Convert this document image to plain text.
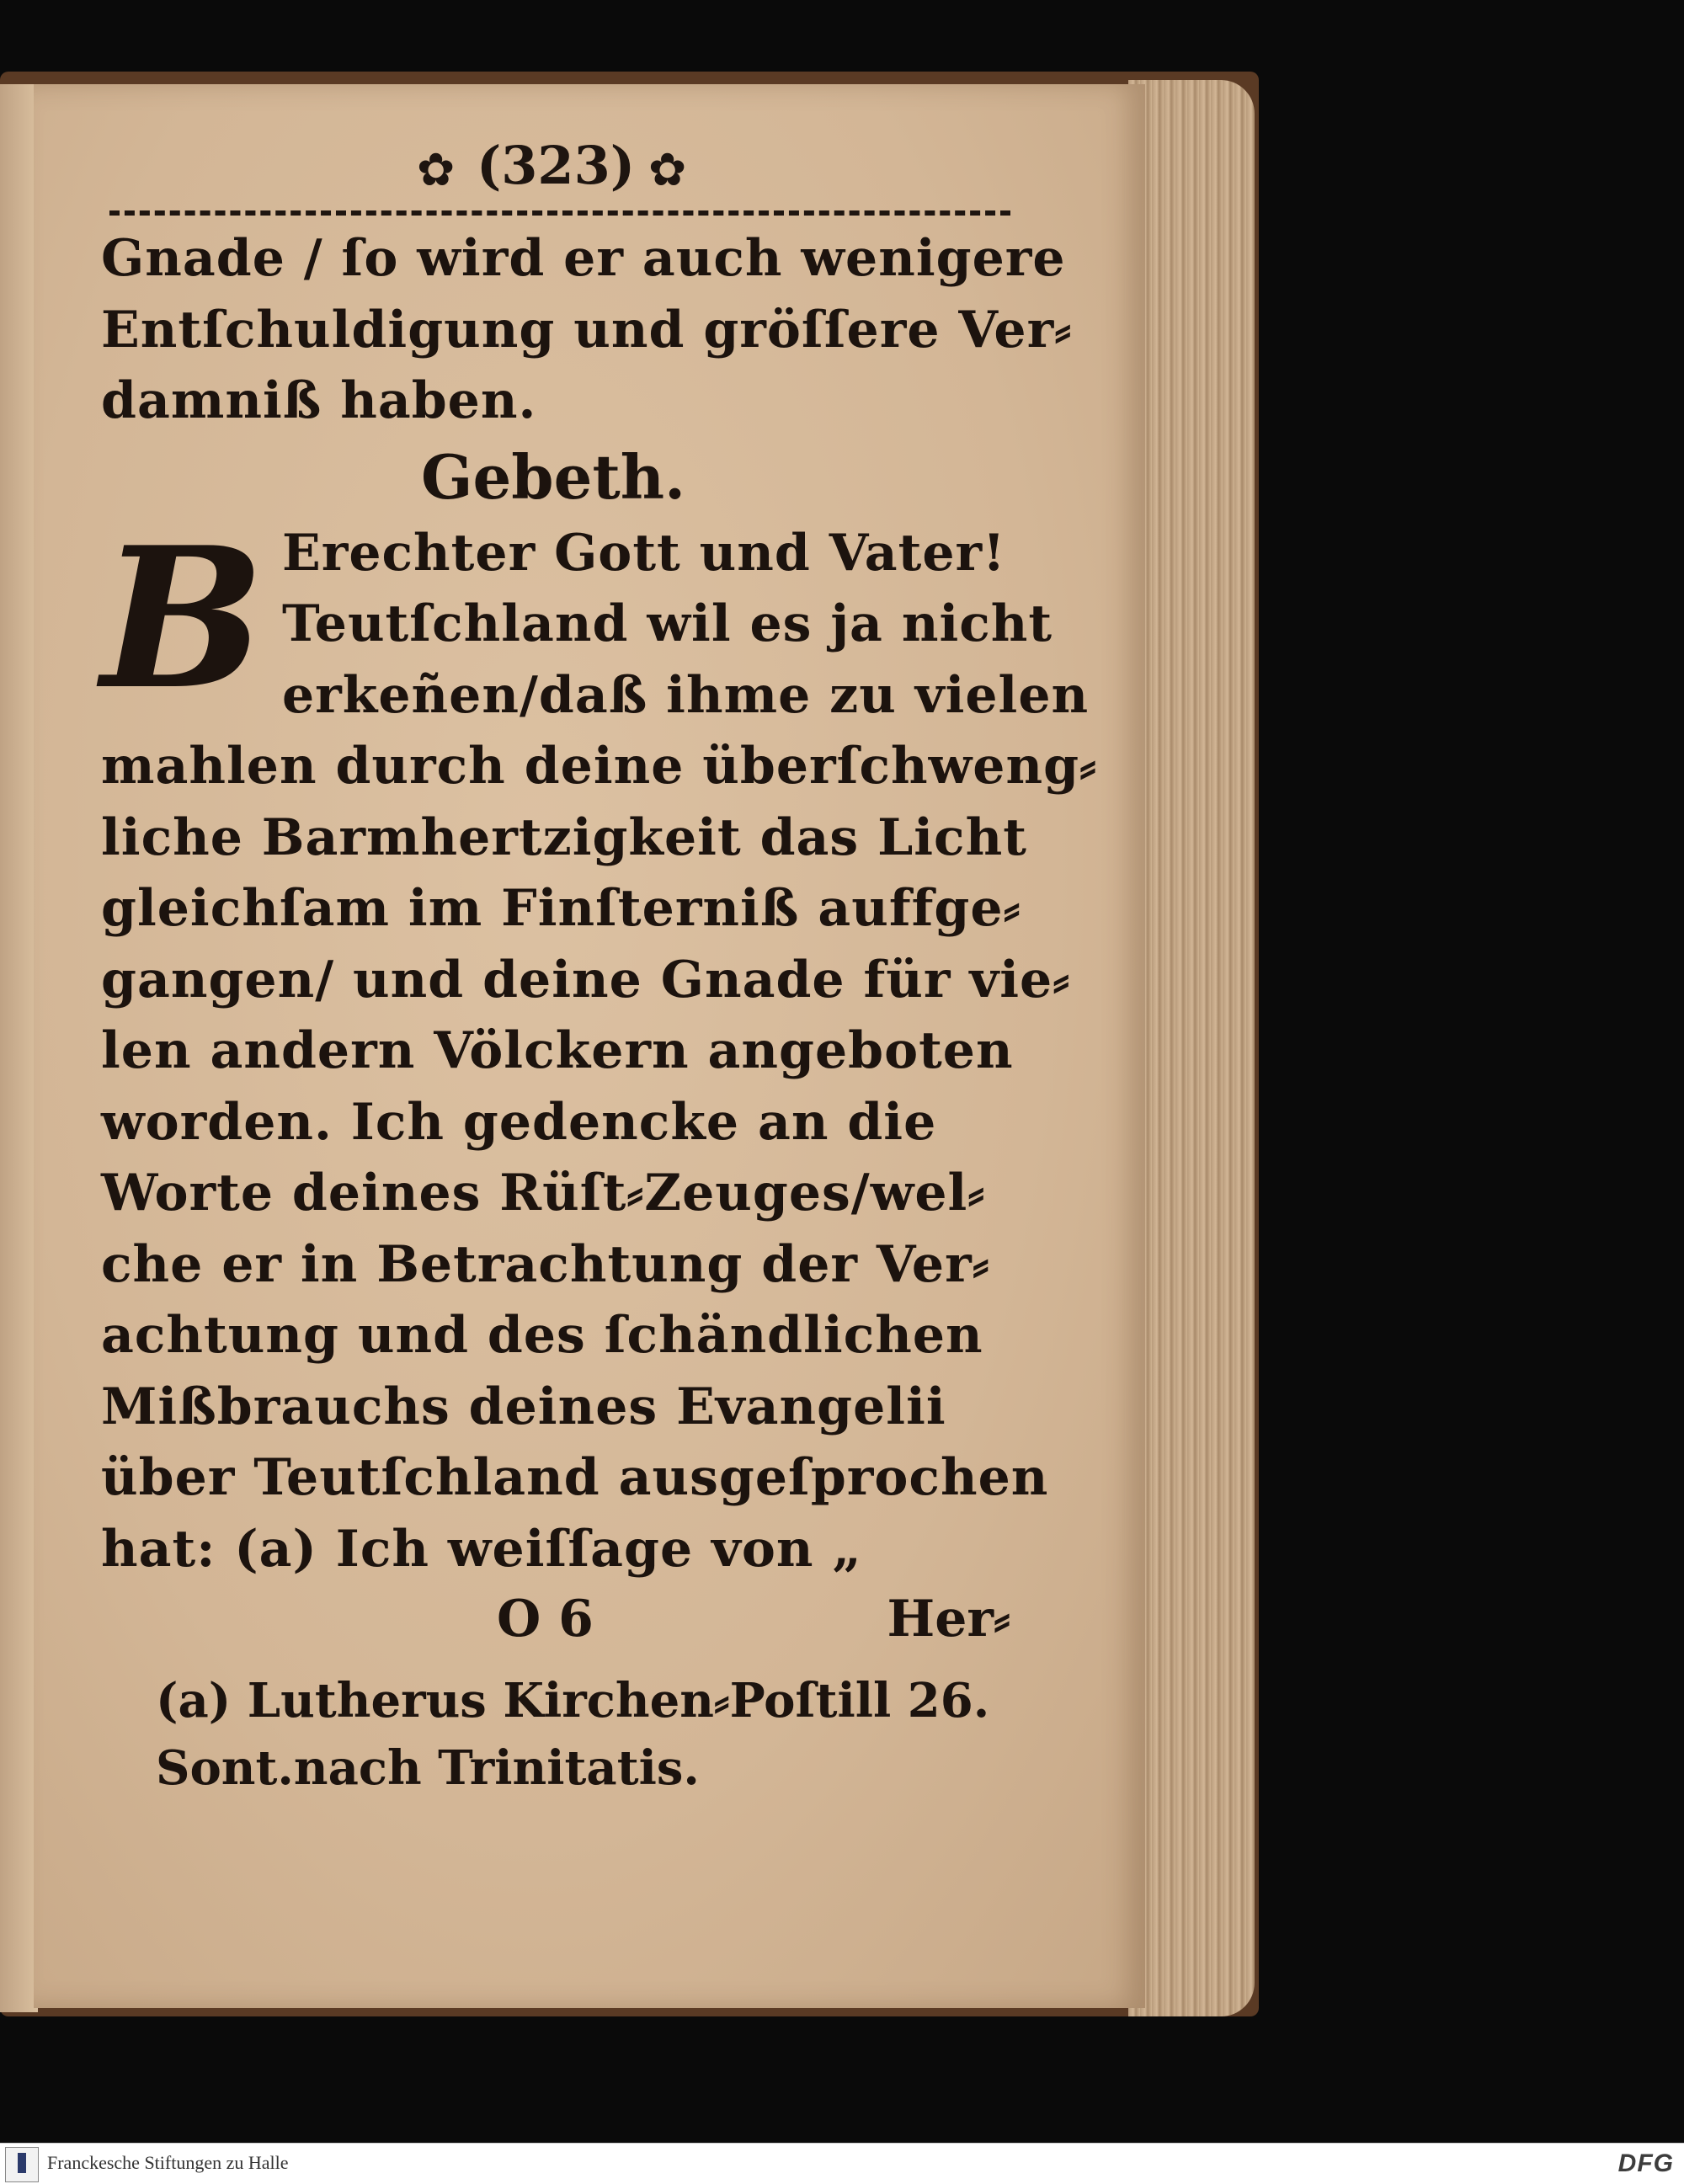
✿ (323) ✿
Gnade / ſo wird er auch wenigere
Entſchuldigung und gröſſere Ver⸗
damniß haben.
Gebeth.
B Erechter Gott und Vater!
Teutſchland wil es ja nicht
erkeñen/daß ihme zu vielen
mahlen durch deine überſchweng⸗
liche Barmhertzigkeit das Licht
gleichſam im Finſterniß auffge⸗
gangen/ und deine Gnade für vie⸗
len andern Völckern angeboten
worden. Ich gedencke an die
Worte deines Rüſt⸗Zeuges/wel⸗
che er in Betrachtung der Ver⸗
achtung und des ſchändlichen
Mißbrauchs deines Evangelii
über Teutſchland ausgeſprochen
hat: (a) Ich weiſſage von „
O 6	Her⸗
(a) Lutherus Kirchen⸗Poſtill 26.
Sont.nach Trinitatis.
Franckesche Stiftungen zu Halle	DFG
